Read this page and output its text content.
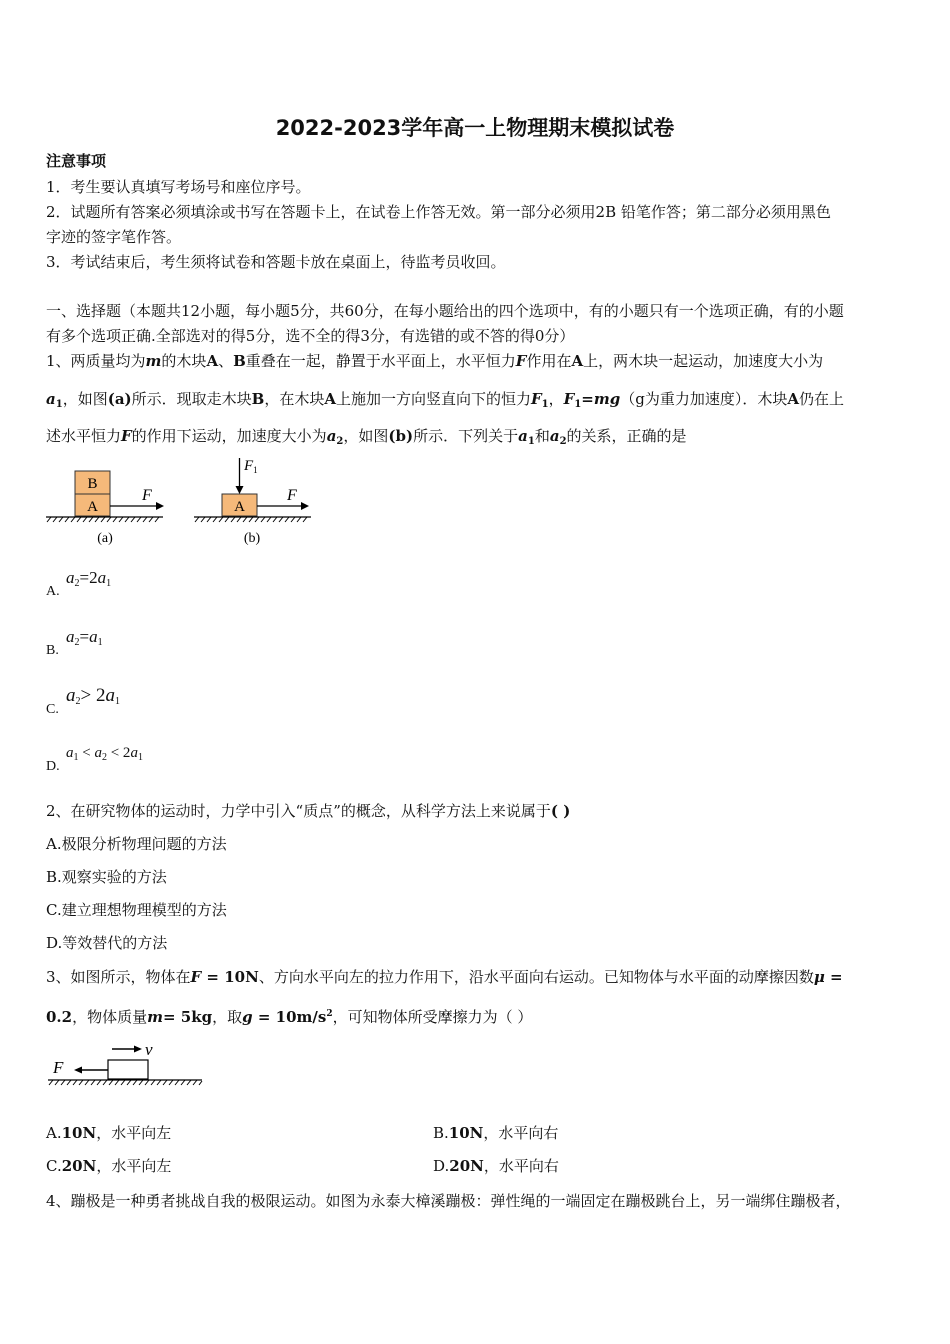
2022-2023学年高一上物理期末模拟试卷
注意事项
1．考生要认真填写考场号和座位序号。
2．试题所有答案必须填涂或书写在答题卡上，在试卷上作答无效。第一部分必须用2B 铅笔作答；第二部分必须用黑色
字迹的签字笔作答。
3．考试结束后，考生须将试卷和答题卡放在桌面上，待监考员收回。
一、选择题（本题共12小题，每小题5分，共60分，在每小题给出的四个选项中，有的小题只有一个选项正确，有的小题
有多个选项正确.全部选对的得5分，选不全的得3分，有选错的或不答的得0分）
1、两质量均为m的木块A、B重叠在一起，静置于水平面上，水平恒力F作用在A上，两木块一起运动，加速度大小为
$a_1$，如图(a)所示．现取走木块B，在木块A上施加一方向竖直向下的恒力$F_1$，$F_1=mg(g$为重力加速度）．木块A仍在上
述水平恒力F的作用下运动，加速度大小为$a_2$，如图(b)所示．下列关于$a_1$和$a_2$的关系，正确的是
B
A
F
(a)
A
$F_1$
F
(b)
A.
$a_2=2a_1$
B.
$a_2=a_1$
C.
$a_2> 2a_1$
D.
$a_1 < a_2 < 2a_1$
2、在研究物体的运动时，力学中引入“质点”的概念，从科学方法上来说属于( )
A.极限分析物理问题的方法
B.观察实验的方法
C.建立理想物理模型的方法
D.等效替代的方法
3、如图所示，物体在F = 10N、方向水平向左的拉力作用下，沿水平面向右运动。已知物体与水平面的动摩擦因数μ =
0.2，物体质量m= 5kg，取$g = 10m/s^2$，可知物体所受摩擦力为（ ）
v
F
A.10N，水平向左	B.10N，水平向右
C.20N，水平向左	D.20N，水平向右
4、蹦极是一种勇者挑战自我的极限运动。如图为永泰大樟溪蹦极：弹性绳的一端固定在蹦极跳台上，另一端绑住蹦极者，
